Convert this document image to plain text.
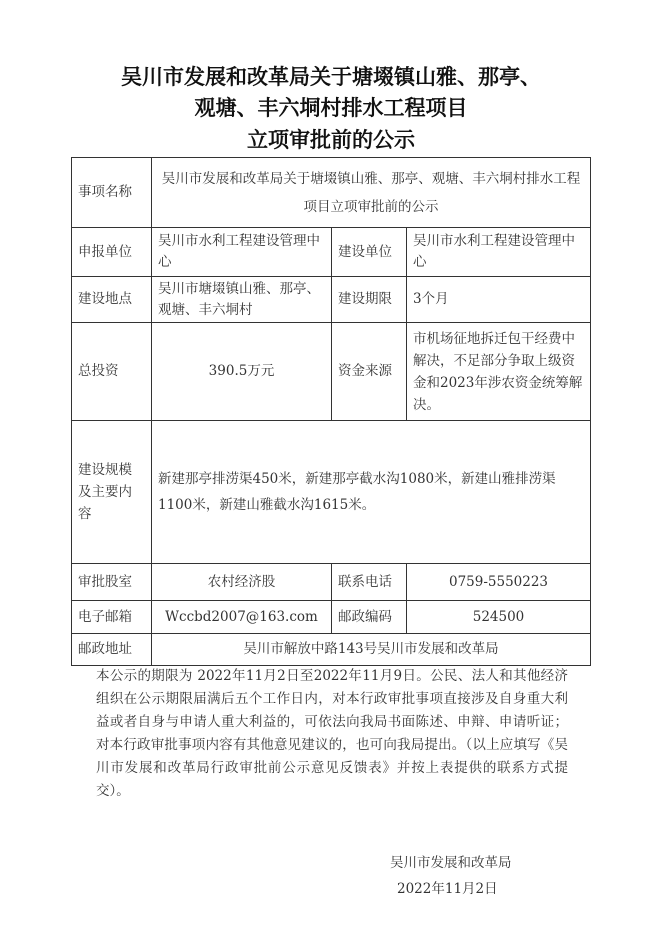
吴川市发展和改革局关于塘㙍镇山雅、那亭、
观塘、丰六垌村排水工程项目
立项审批前的公示
事项名称	吴川市发展和改革局关于塘㙍镇山雅、那亭、观塘、丰六垌村排水工程项目立项审批前的公示		
申报单位	吴川市水利工程建设管理中心	建设单位	吴川市水利工程建设管理中心
建设地点	吴川市塘㙍镇山雅、那亭、观塘、丰六垌村	建设期限	3个月
总投资	390.5万元	资金来源	市机场征地拆迁包干经费中解决，不足部分争取上级资金和2023年涉农资金统筹解决。
建设规模及主要内容	新建那亭排涝渠450米，新建那亭截水沟1080米，新建山雅排涝渠1100米，新建山雅截水沟1615米。		
审批股室	农村经济股	联系电话	0759-5550223
电子邮箱	Wccbd2007@163.com	邮政编码	524500
邮政地址	吴川市解放中路143号吴川市发展和改革局		
本公示的期限为 2022年11月2日至2022年11月9日。公民、法人和其他经济组织在公示期限届满后五个工作日内，对本行政审批事项直接涉及自身重大利益或者自身与申请人重大利益的，可依法向我局书面陈述、申辩、申请听证；对本行政审批事项内容有其他意见建议的，也可向我局提出。（以上应填写《吴川市发展和改革局行政审批前公示意见反馈表》并按上表提供的联系方式提交）。
吴川市发展和改革局
2022年11月2日
